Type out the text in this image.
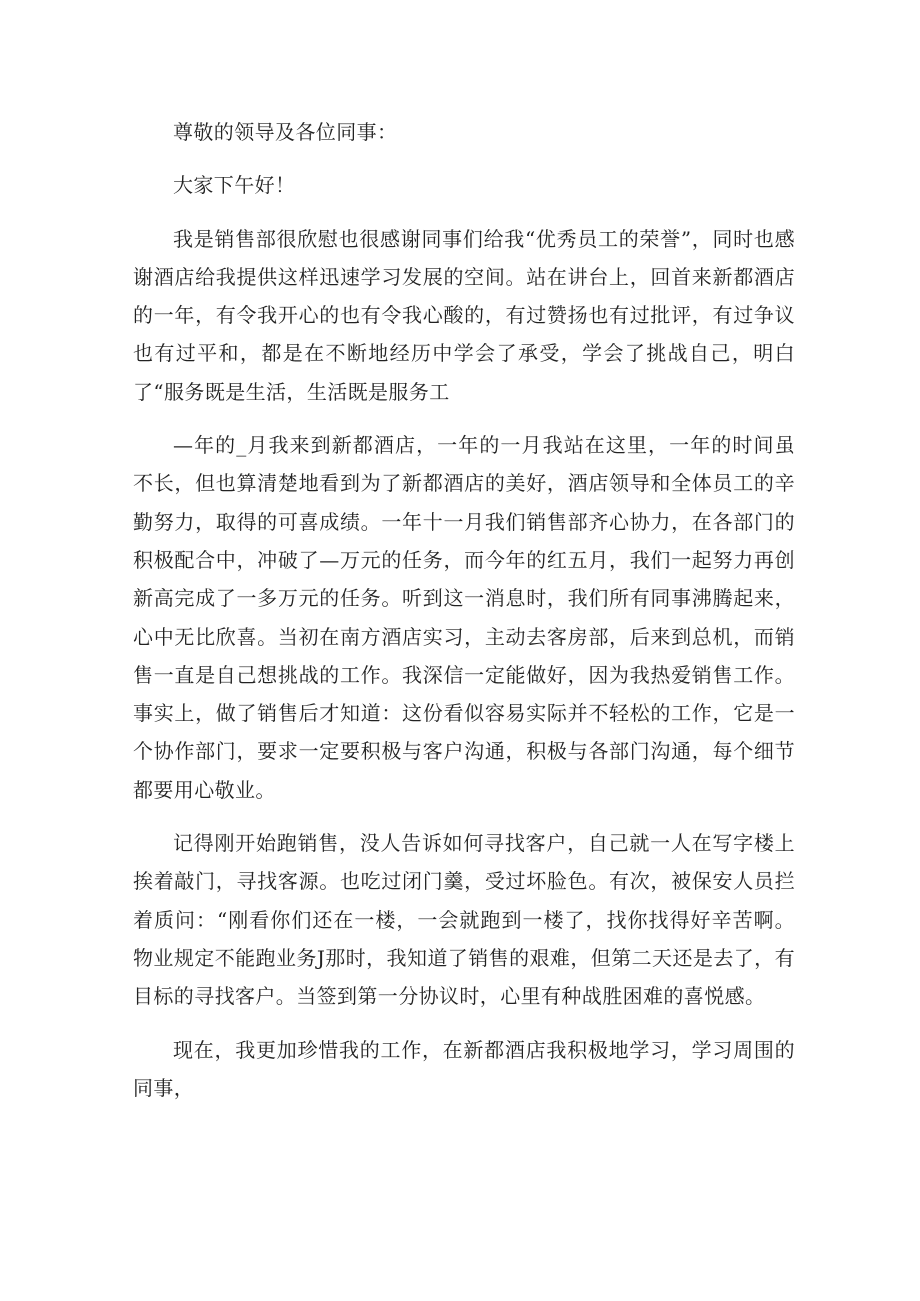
尊敬的领导及各位同事：

大家下午好！

我是销售部很欣慰也很感谢同事们给我“优秀员工的荣誉”，同时也感谢酒店给我提供这样迅速学习发展的空间。站在讲台上，回首来新都酒店的一年，有令我开心的也有令我心酸的，有过赞扬也有过批评，有过争议也有过平和，都是在不断地经历中学会了承受，学会了挑战自己，明白了“服务既是生活，生活既是服务工

—年的_月我来到新都酒店，一年的一月我站在这里，一年的时间虽不长，但也算清楚地看到为了新都酒店的美好，酒店领导和全体员工的辛勤努力，取得的可喜成绩。一年十一月我们销售部齐心协力，在各部门的积极配合中，冲破了—万元的任务，而今年的红五月，我们一起努力再创新高完成了一多万元的任务。听到这一消息时，我们所有同事沸腾起来，心中无比欣喜。当初在南方酒店实习，主动去客房部，后来到总机，而销售一直是自己想挑战的工作。我深信一定能做好，因为我热爱销售工作。事实上，做了销售后才知道：这份看似容易实际并不轻松的工作，它是一个协作部门，要求一定要积极与客户沟通，积极与各部门沟通，每个细节都要用心敬业。

记得刚开始跑销售，没人告诉如何寻找客户，自己就一人在写字楼上挨着敲门，寻找客源。也吃过闭门羹，受过坏脸色。有次，被保安人员拦着质问：“刚看你们还在一楼，一会就跑到一楼了，找你找得好辛苦啊。物业规定不能跑业务J那时，我知道了销售的艰难，但第二天还是去了，有目标的寻找客户。当签到第一分协议时，心里有种战胜困难的喜悦感。

现在，我更加珍惜我的工作，在新都酒店我积极地学习，学习周围的同事，
